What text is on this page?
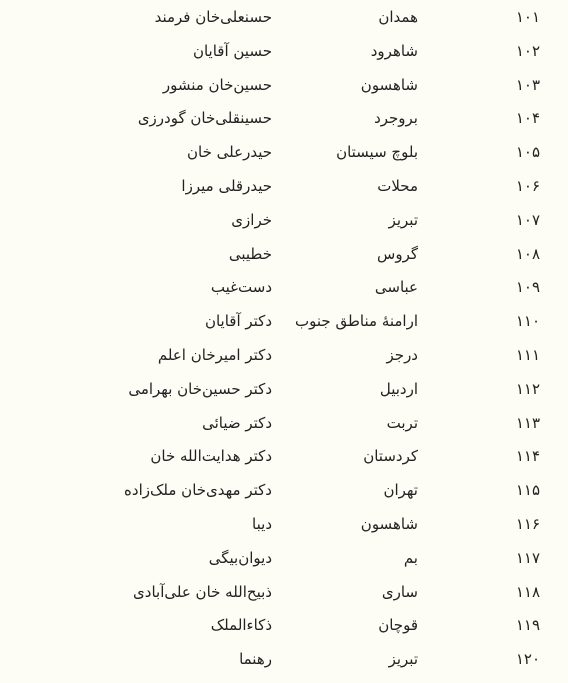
۱۰۱
همدان
حسنعلی‌خان فرمند
۱۰۲
شاهرود
حسین آقایان
۱۰۳
شاهسون
حسین‌خان منشور
۱۰۴
بروجرد
حسینقلی‌خان گودرزی
۱۰۵
بلوچ سیستان
حیدرعلی خان
۱۰۶
محلات
حیدرقلی میرزا
۱۰۷
تبریز
خرازی
۱۰۸
گروس
خطیبی
۱۰۹
عباسی
دست‌غیب
۱۱۰
ارامنهٔ مناطق جنوب
دکتر آقایان
۱۱۱
درجز
دکتر امیرخان اعلم
۱۱۲
اردبیل
دکتر حسین‌خان بهرامی
۱۱۳
تربت
دکتر ضیائی
۱۱۴
کردستان
دکتر هدایت‌الله خان
۱۱۵
تهران
دکتر مهدی‌خان ملک‌زاده
۱۱۶
شاهسون
دیبا
۱۱۷
بم
دیوان‌بیگی
۱۱۸
ساری
ذبیح‌الله خان علی‌آبادی
۱۱۹
قوچان
ذکاءالملک
۱۲۰
تبریز
رهنما
